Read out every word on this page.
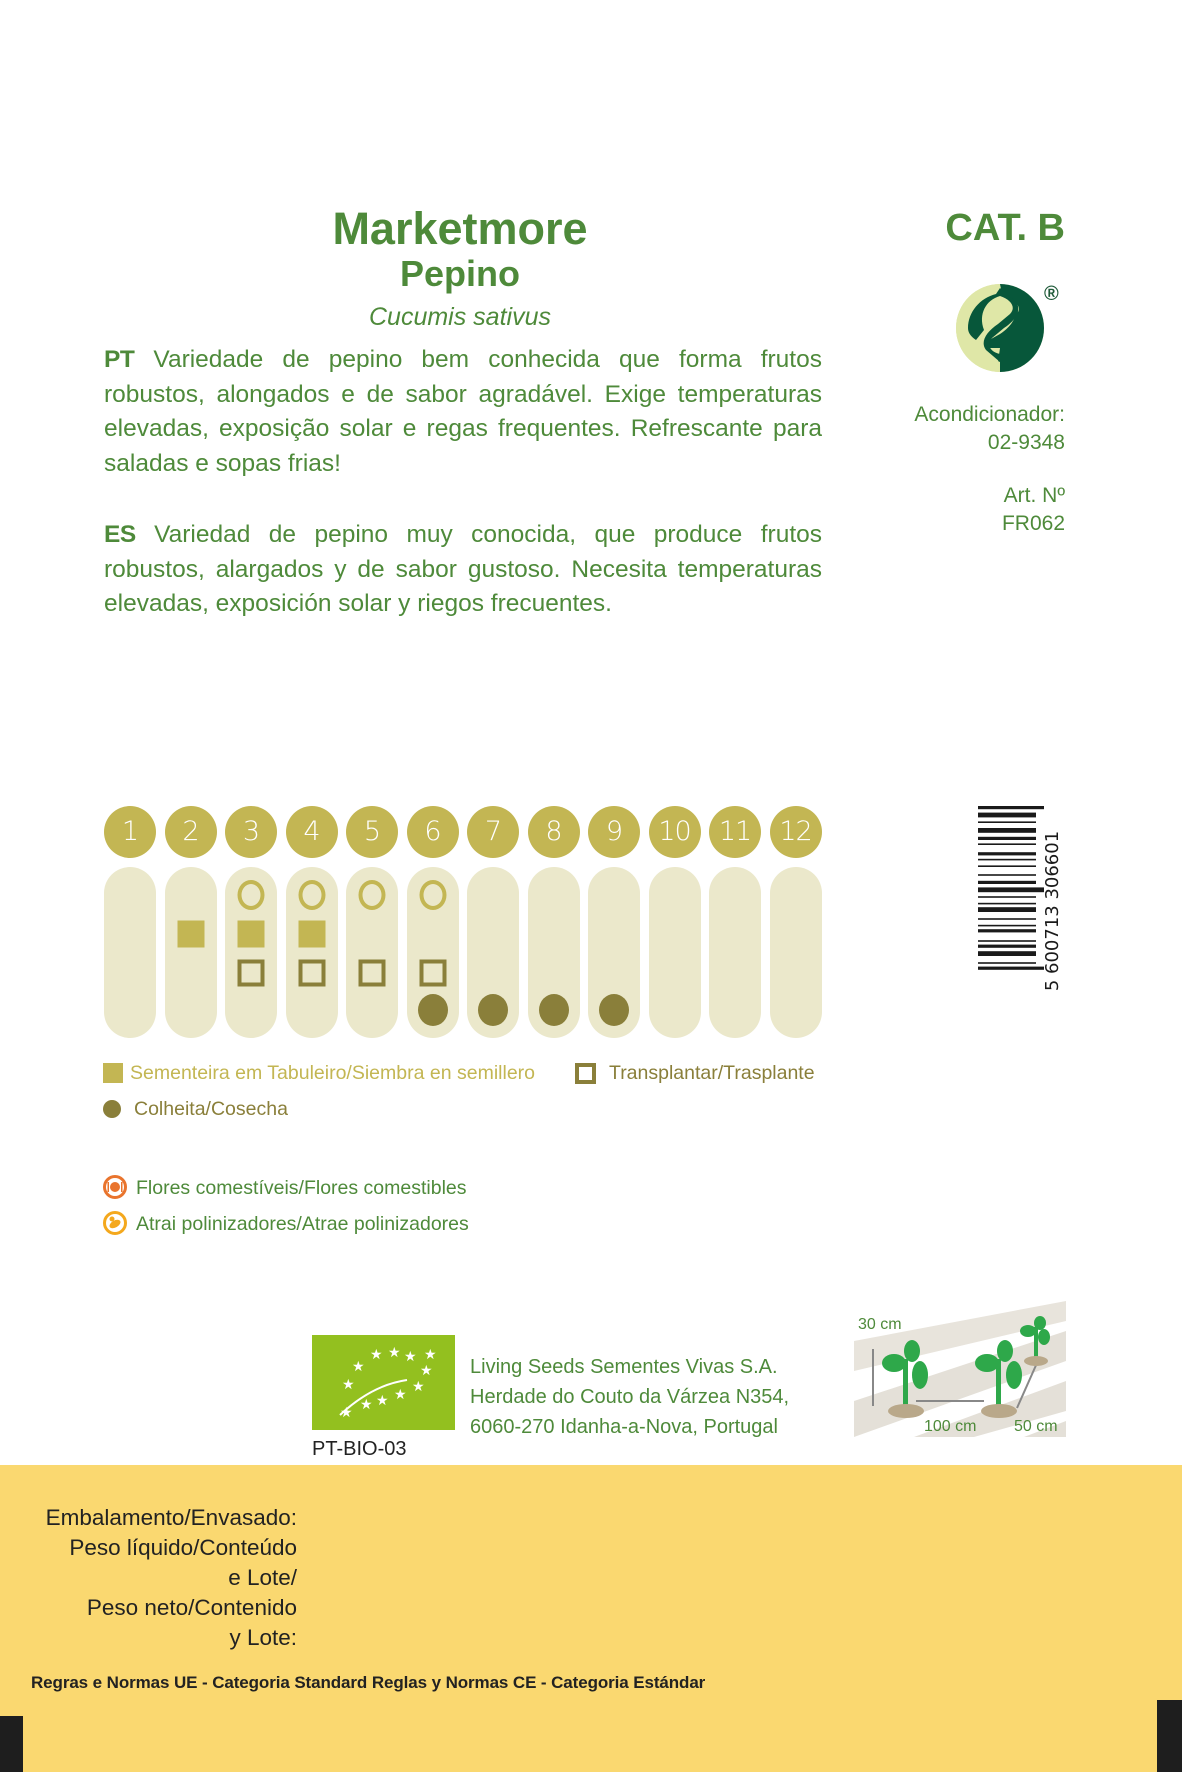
Marketmore
Pepino
Cucumis sativus
CAT. B
®
Acondicionador:
02-9348
Art. Nº
FR062

PT Variedade de pepino bem conhecida que forma frutos robustos, alongados e de sabor agradável. Exige temperaturas elevadas, exposição solar e regas frequentes. Refrescante para saladas e sopas frias!

ES Variedad de pepino muy conocida, que produce frutos robustos, alargados y de sabor gustoso. Necesita temperaturas elevadas, exposición solar y riegos frecuentes.

1	2	3	4	5	6	7	8	9	10	11	12
Sementeira em Tabuleiro/Siembra en semillero	Transplantar/Trasplante
Colheita/Cosecha
Flores comestíveis/Flores comestibles
Atrai polinizadores/Atrae polinizadores
5 600713 306601
★ ★ ★ ★ ★
★
★
★
★
★
★
★
PT-BIO-03
Living Seeds Sementes Vivas S.A.
Herdade do Couto da Várzea N354,
6060-270 Idanha-a-Nova, Portugal
30 cm
100 cm 50 cm
Embalamento/Envasado:
Peso líquido/Conteúdo
e Lote/
Peso neto/Contenido
y Lote:
Regras e Normas UE - Categoria Standard Reglas y Normas CE - Categoria Estándar
